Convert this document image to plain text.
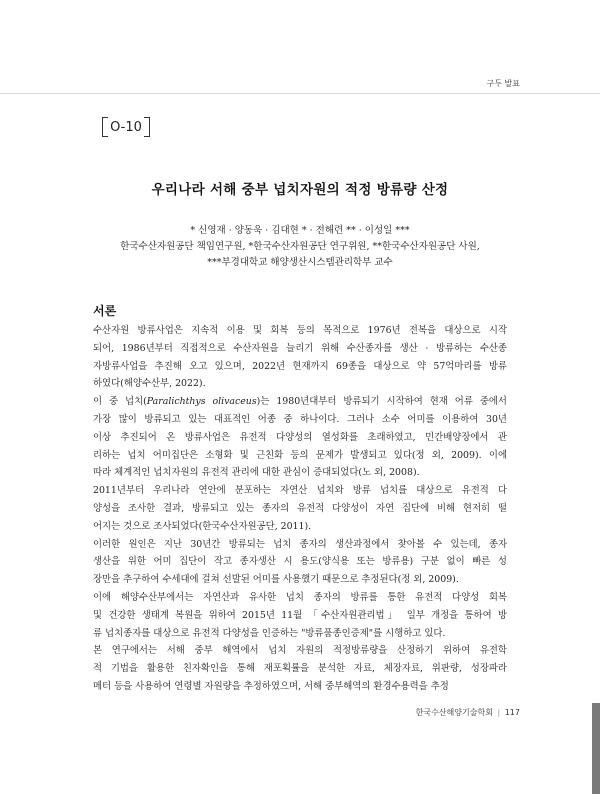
구두 발표
O-10
우리나라 서해 중부 넙치자원의 적정 방류량 산정
* 신영재 · 양동욱 · 김대현 * · 전해련 ** · 이성일 ***
한국수산자원공단 책임연구원, *한국수산자원공단 연구위원, **한국수산자원공단 사원,
***부경대학교 해양생산시스템관리학부 교수
서론
수산자원 방류사업은 지속적 이용 및 회복 등의 목적으로 1976년 전복을 대상으로 시작
되어, 1986년부터 직접적으로 수산자원을 늘리기 위해 수산종자를 생산 · 방류하는 수산종
자방류사업을 추진해 오고 있으며, 2022년 현재까지 69종을 대상으로 약 57억마리를 방류
하였다(해양수산부, 2022).
이 중 넙치(Paralichthys olivaceus)는 1980년대부터 방류되기 시작하여 현재 어류 중에서
가장 많이 방류되고 있는 대표적인 어종 중 하나이다. 그러나 소수 어미를 이용하여 30년
이상 추진되어 온 방류사업은 유전적 다양성의 열성화를 초래하였고, 민간배양장에서 관
리하는 넙치 어미집단은 소형화 및 근친화 등의 문제가 발생되고 있다(정 외, 2009). 이에
따라 체계적인 넙치자원의 유전적 관리에 대한 관심이 증대되었다(노 외, 2008).
2011년부터 우리나라 연안에 분포하는 자연산 넙치와 방류 넙치를 대상으로 유전적 다
양성을 조사한 결과, 방류되고 있는 종자의 유전적 다양성이 자연 집단에 비해 현저히 떨
어지는 것으로 조사되었다(한국수산자원공단, 2011).
이러한 원인은 지난 30년간 방류되는 넙치 종자의 생산과정에서 찾아볼 수 있는데, 종자
생산을 위한 어미 집단이 작고 종자생산 시 용도(양식용 또는 방류용) 구분 없이 빠른 성
장만을 추구하여 수세대에 걸쳐 선발된 어미를 사용했기 때문으로 추정된다(정 외, 2009).
이에 해양수산부에서는 자연산과 유사한 넙치 종자의 방류를 통한 유전적 다양성 회복
및 건강한 생태계 복원을 위하여 2015년 11월 「수산자원관리법」 일부 개정을 통하여 방
류 넙치종자를 대상으로 유전적 다양성을 인증하는 "방류품종인증제"를 시행하고 있다.
본 연구에서는 서해 중부 해역에서 넙치 자원의 적정방류량을 산정하기 위하여 유전학
적 기법을 활용한 친자확인을 통해 재포획률을 분석한 자료, 체장자료, 위판량, 성장파라
메터 등을 사용하여 연령별 자원량을 추정하였으며, 서해 중부해역의 환경수용력을 추정
한국수산해양기술학회 | 117
